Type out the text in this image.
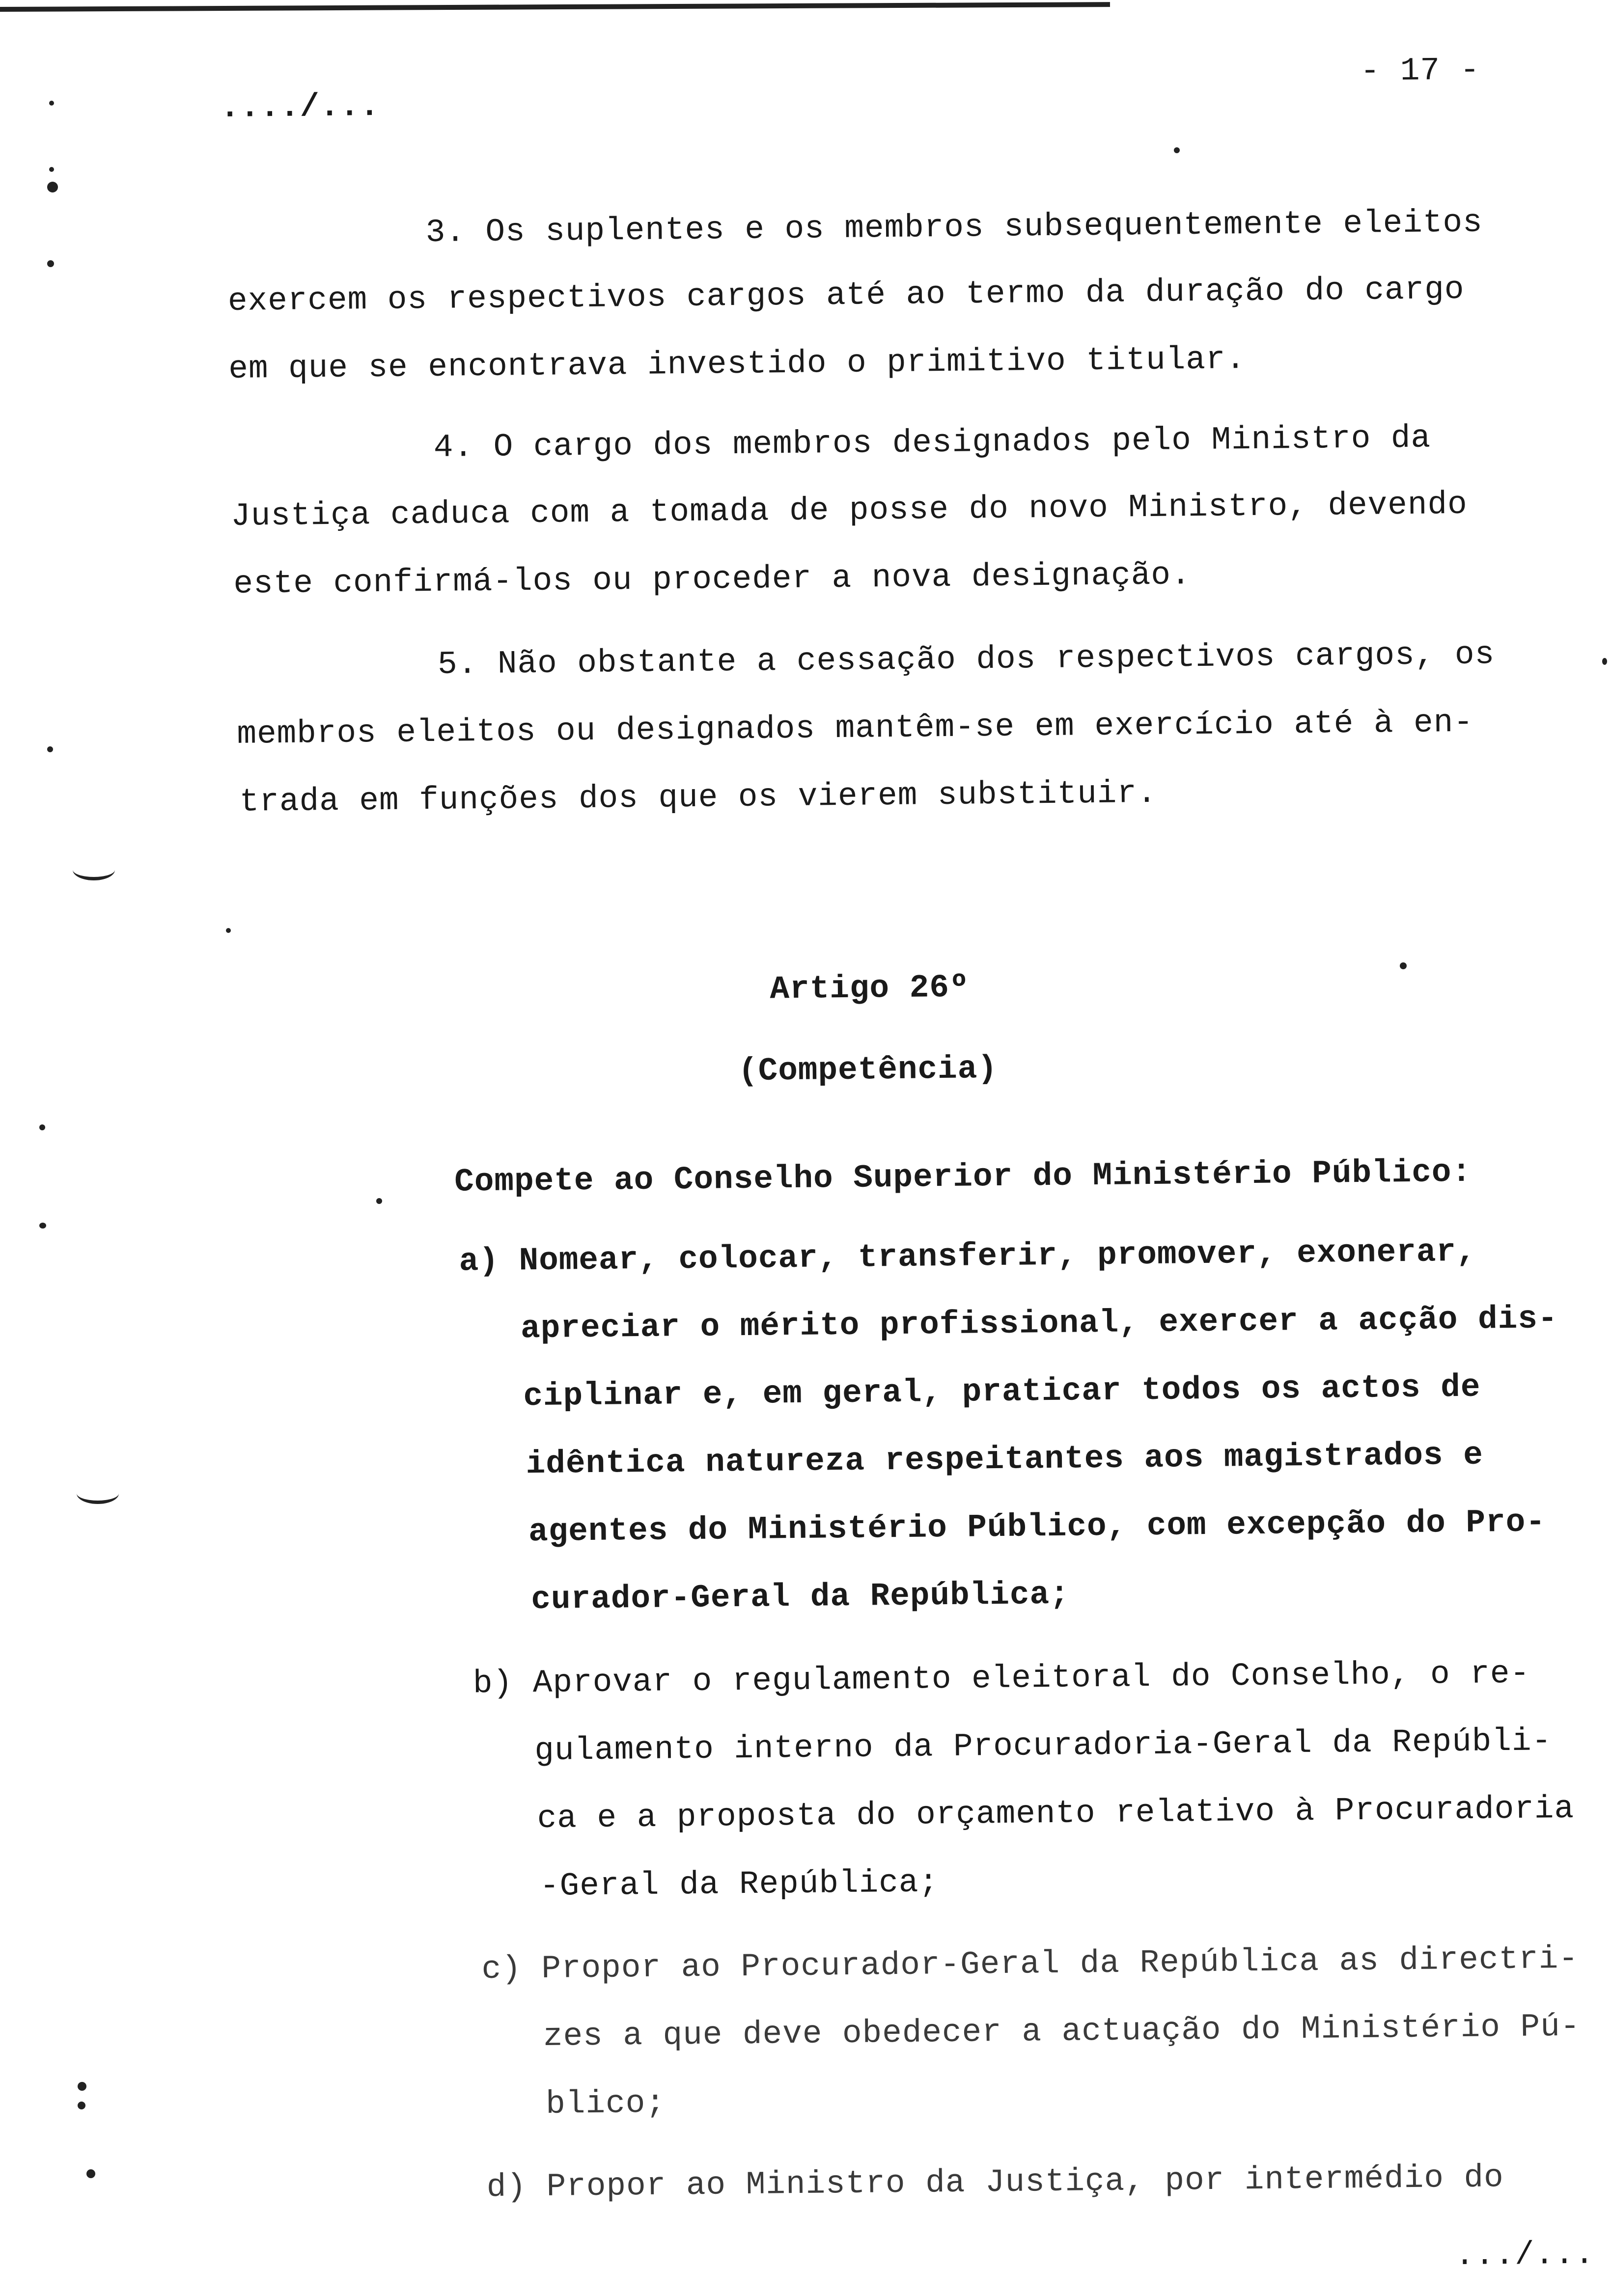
..../...
- 17 -
3. Os suplentes e os membros subsequentemente eleitos
exercem os respectivos cargos até ao termo da duração do cargo
em que se encontrava investido o primitivo titular.
4. O cargo dos membros designados pelo Ministro da
Justiça caduca com a tomada de posse do novo Ministro, devendo
este confirmá-los ou proceder a nova designação.
5. Não obstante a cessação dos respectivos cargos, os
membros eleitos ou designados mantêm-se em exercício até à en-
trada em funções dos que os vierem substituir.
Artigo 26º
(Competência)
Compete ao Conselho Superior do Ministério Público:
a) Nomear, colocar, transferir, promover, exonerar,
apreciar o mérito profissional, exercer a acção dis-
ciplinar e, em geral, praticar todos os actos de
idêntica natureza respeitantes aos magistrados e
agentes do Ministério Público, com excepção do Pro-
curador-Geral da República;
b) Aprovar o regulamento eleitoral do Conselho, o re-
gulamento interno da Procuradoria-Geral da Repúbli-
ca e a proposta do orçamento relativo à Procuradoria
-Geral da República;
c) Propor ao Procurador-Geral da República as directri-
zes a que deve obedecer a actuação do Ministério Pú-
blico;
d) Propor ao Ministro da Justiça, por intermédio do
.../...
